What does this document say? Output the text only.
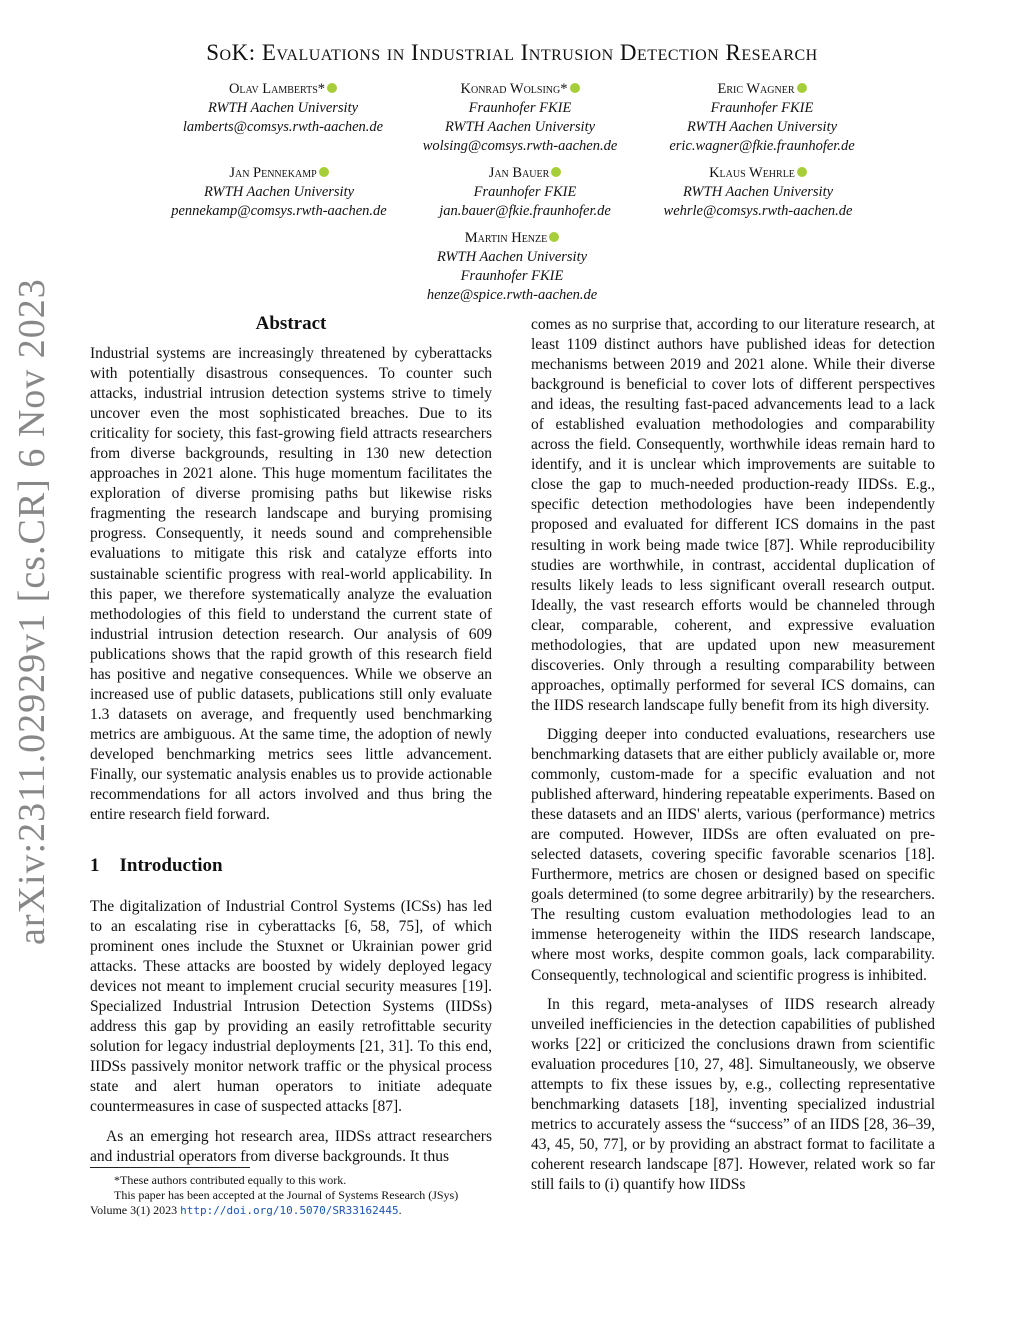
arXiv:2311.02929v1 [cs.CR] 6 Nov 2023
SoK: Evaluations in Industrial Intrusion Detection Research
Olav Lamberts*
RWTH Aachen University
lamberts@comsys.rwth-aachen.de
Konrad Wolsing*
Fraunhofer FKIE
RWTH Aachen University
wolsing@comsys.rwth-aachen.de
Eric Wagner
Fraunhofer FKIE
RWTH Aachen University
eric.wagner@fkie.fraunhofer.de
Jan Pennekamp
RWTH Aachen University
pennekamp@comsys.rwth-aachen.de
Jan Bauer
Fraunhofer FKIE
jan.bauer@fkie.fraunhofer.de
Klaus Wehrle
RWTH Aachen University
wehrle@comsys.rwth-aachen.de
Martin Henze
RWTH Aachen University
Fraunhofer FKIE
henze@spice.rwth-aachen.de
Abstract

Industrial systems are increasingly threatened by cyberattacks with potentially disastrous consequences. To counter such attacks, industrial intrusion detection systems strive to timely uncover even the most sophisticated breaches. Due to its criticality for society, this fast-growing field attracts researchers from diverse backgrounds, resulting in 130 new detection approaches in 2021 alone. This huge momentum facilitates the exploration of diverse promising paths but likewise risks fragmenting the research landscape and burying promising progress. Consequently, it needs sound and comprehensible evaluations to mitigate this risk and catalyze efforts into sustainable scientific progress with real-world applicability. In this paper, we therefore systematically analyze the evaluation methodologies of this field to understand the current state of industrial intrusion detection research. Our analysis of 609 publications shows that the rapid growth of this research field has positive and negative consequences. While we observe an increased use of public datasets, publications still only evaluate 1.3 datasets on average, and frequently used benchmarking metrics are ambiguous. At the same time, the adoption of newly developed benchmarking metrics sees little advancement. Finally, our systematic analysis enables us to provide actionable recommendations for all actors involved and thus bring the entire research field forward.

1 Introduction

The digitalization of Industrial Control Systems (ICSs) has led to an escalating rise in cyberattacks [6, 58, 75], of which prominent ones include the Stuxnet or Ukrainian power grid attacks. These attacks are boosted by widely deployed legacy devices not meant to implement crucial security measures [19]. Specialized Industrial Intrusion Detection Systems (IIDSs) address this gap by providing an easily retrofittable security solution for legacy industrial deployments [21, 31]. To this end, IIDSs passively monitor network traffic or the physical process state and alert human operators to initiate adequate countermeasures in case of suspected attacks [87].

As an emerging hot research area, IIDSs attract researchers and industrial operators from diverse backgrounds. It thus

*These authors contributed equally to this work.

This paper has been accepted at the Journal of Systems Research (JSys) Volume 3(1) 2023 http://doi.org/10.5070/SR33162445.

comes as no surprise that, according to our literature research, at least 1109 distinct authors have published ideas for detection mechanisms between 2019 and 2021 alone. While their diverse background is beneficial to cover lots of different perspectives and ideas, the resulting fast-paced advancements lead to a lack of established evaluation methodologies and comparability across the field. Consequently, worthwhile ideas remain hard to identify, and it is unclear which improvements are suitable to close the gap to much-needed production-ready IIDSs. E.g., specific detection methodologies have been independently proposed and evaluated for different ICS domains in the past resulting in work being made twice [87]. While reproducibility studies are worthwhile, in contrast, accidental duplication of results likely leads to less significant overall research output. Ideally, the vast research efforts would be channeled through clear, comparable, coherent, and expressive evaluation methodologies, that are updated upon new measurement discoveries. Only through a resulting comparability between approaches, optimally performed for several ICS domains, can the IIDS research landscape fully benefit from its high diversity.

Digging deeper into conducted evaluations, researchers use benchmarking datasets that are either publicly available or, more commonly, custom-made for a specific evaluation and not published afterward, hindering repeatable experiments. Based on these datasets and an IIDS' alerts, various (performance) metrics are computed. However, IIDSs are often evaluated on pre-selected datasets, covering specific favorable scenarios [18]. Furthermore, metrics are chosen or designed based on specific goals determined (to some degree arbitrarily) by the researchers. The resulting custom evaluation methodologies lead to an immense heterogeneity within the IIDS research landscape, where most works, despite common goals, lack comparability. Consequently, technological and scientific progress is inhibited.

In this regard, meta-analyses of IIDS research already unveiled inefficiencies in the detection capabilities of published works [22] or criticized the conclusions drawn from scientific evaluation procedures [10, 27, 48]. Simultaneously, we observe attempts to fix these issues by, e.g., collecting representative benchmarking datasets [18], inventing specialized industrial metrics to accurately assess the “success” of an IIDS [28, 36–39, 43, 45, 50, 77], or by providing an abstract format to facilitate a coherent research landscape [87]. However, related work so far still fails to (i) quantify how IIDSs
